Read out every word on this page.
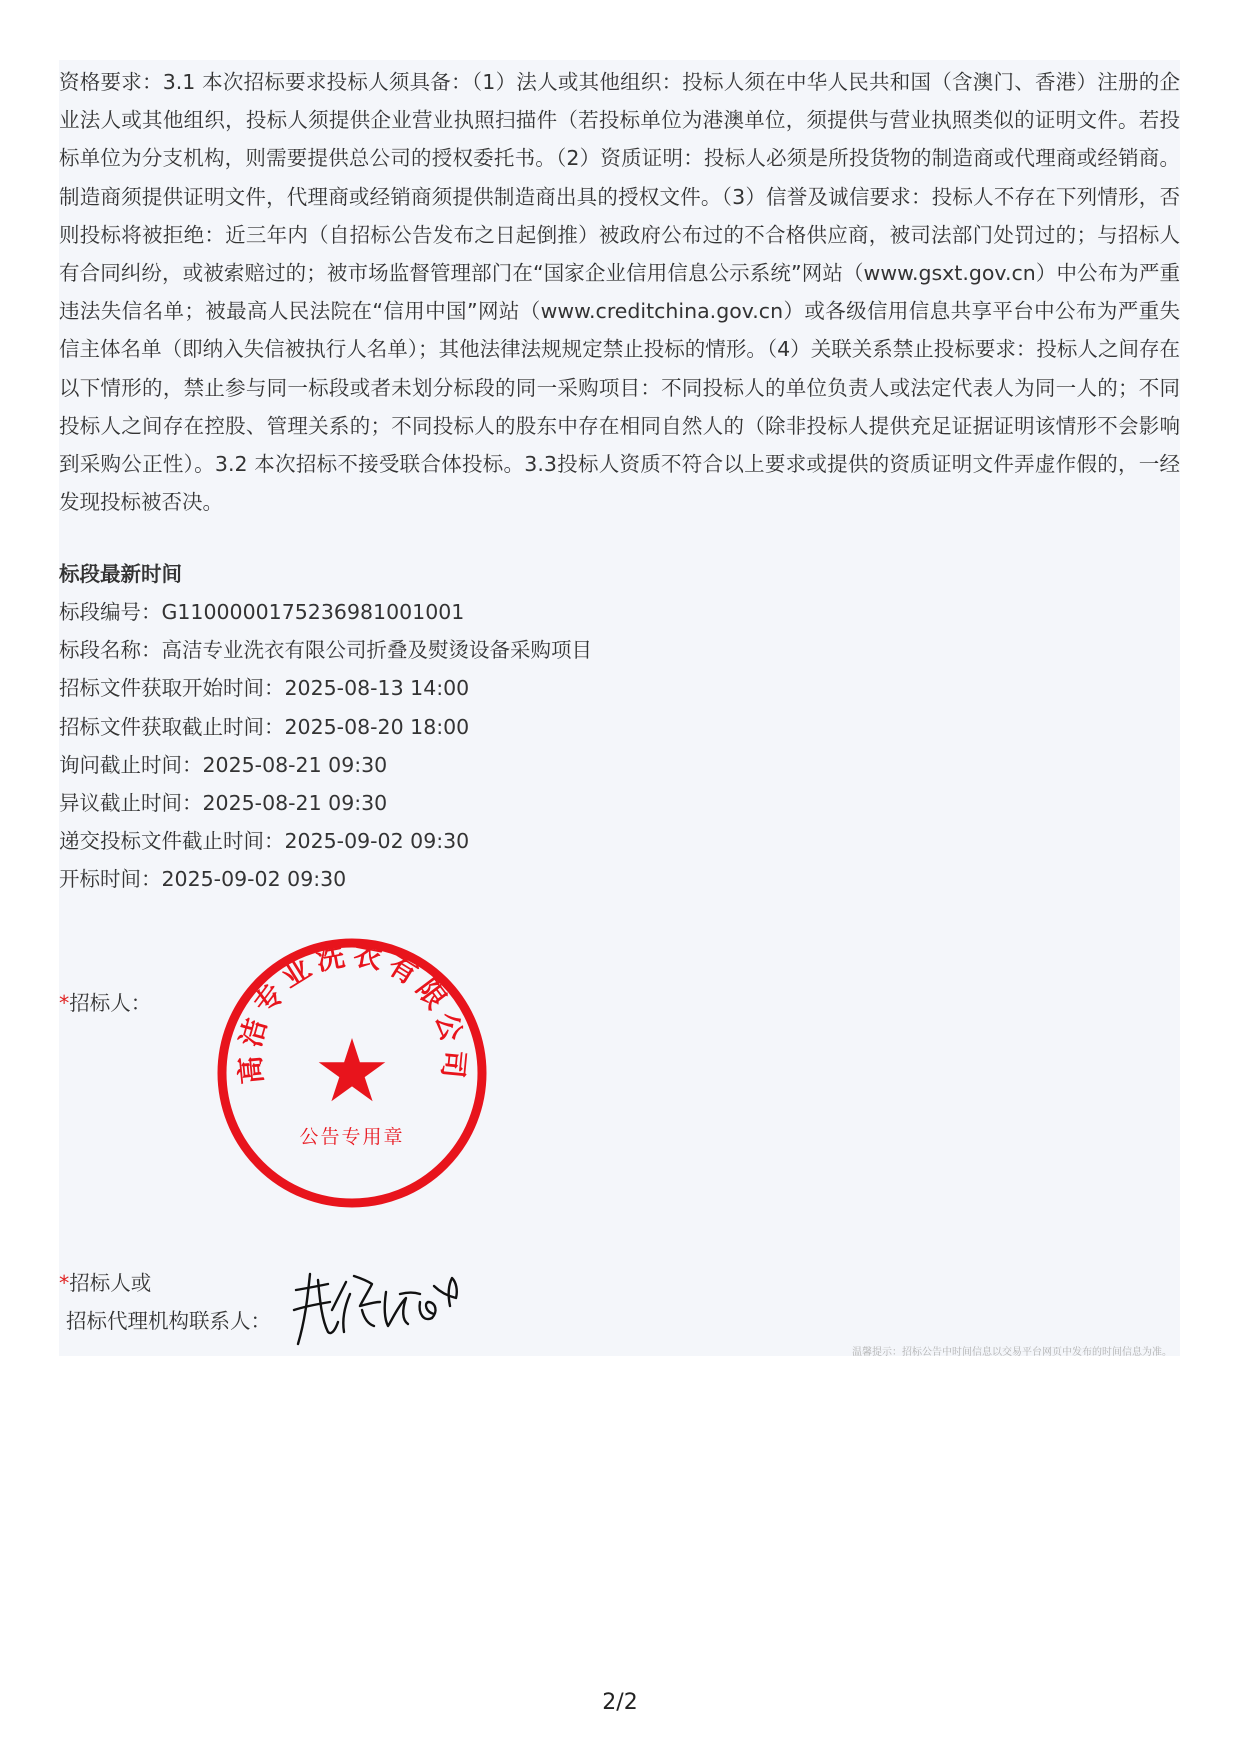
资格要求：3.1 本次招标要求投标人须具备：（1）法人或其他组织：投标人须在中华人民共和国（含澳门、香港）注册的企业法人或其他组织，投标人须提供企业营业执照扫描件（若投标单位为港澳单位，须提供与营业执照类似的证明文件。若投标单位为分支机构，则需要提供总公司的授权委托书。（2）资质证明：投标人必须是所投货物的制造商或代理商或经销商。制造商须提供证明文件，代理商或经销商须提供制造商出具的授权文件。（3）信誉及诚信要求：投标人不存在下列情形，否则投标将被拒绝：近三年内（自招标公告发布之日起倒推）被政府公布过的不合格供应商，被司法部门处罚过的；与招标人有合同纠纷，或被索赔过的；被市场监督管理部门在“国家企业信用信息公示系统”网站（www.gsxt.gov.cn）中公布为严重违法失信名单；被最高人民法院在“信用中国”网站（www.creditchina.gov.cn）或各级信用信息共享平台中公布为严重失信主体名单（即纳入失信被执行人名单）；其他法律法规规定禁止投标的情形。（4）关联关系禁止投标要求：投标人之间存在以下情形的，禁止参与同一标段或者未划分标段的同一采购项目：不同投标人的单位负责人或法定代表人为同一人的；不同投标人之间存在控股、管理关系的；不同投标人的股东中存在相同自然人的（除非投标人提供充足证据证明该情形不会影响到采购公正性）。3.2 本次招标不接受联合体投标。3.3投标人资质不符合以上要求或提供的资质证明文件弄虚作假的，一经发现投标被否决。

标段最新时间

标段编号：G1100000175236981001001
标段名称：高洁专业洗衣有限公司折叠及熨烫设备采购项目
招标文件获取开始时间：2025-08-13 14:00
招标文件获取截止时间：2025-08-20 18:00
询问截止时间：2025-08-21 09:30
异议截止时间：2025-08-21 09:30
递交投标文件截止时间：2025-09-02 09:30
开标时间：2025-09-02 09:30
*招标人：
高洁专业洗衣有限公司
公告专用章
*招标人或
招标代理机构联系人：
温馨提示：招标公告中时间信息以交易平台网页中发布的时间信息为准。
2/2
